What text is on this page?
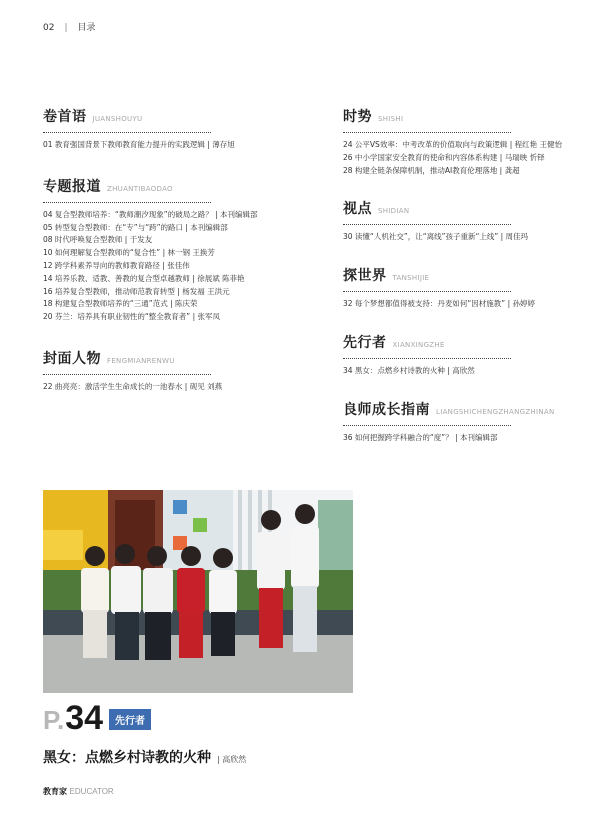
02 | 目录
卷首语 JUANSHOUYU
01 教育强国背景下教师教育能力提升的实践逻辑 | 薄存旭
专题报道 ZHUANTIBAODAO
04 复合型教师培养：“教师潮汐现象”的破局之路？ | 本刊编辑部
05 转型复合型教师：在“专”与“跨”的路口 | 本刊编辑部
08 时代呼唤复合型教师 | 于发友
10 如何理解复合型教师的“复合性” | 林一钢 王换芳
12 跨学科素养导向的教师教育路径 | 张佳伟
14 培养乐教、适教、善教的复合型卓越教师 | 徐展斌 陈菲艳
16 培养复合型教师，推动师范教育转型 | 杨发福 王洪元
18 构建复合型教师培养的“三通”范式 | 陈庆荣
20 芬兰：培养具有职业韧性的“整全教育者” | 张军凤
封面人物 FENGMIANRENWU
22 曲亮亮：激活学生生命成长的一池春水 | 砚见 刘燕
时势 SHISHI
24 公平VS效率：中考改革的价值取向与政策逻辑 | 程红艳 王健怡
26 中小学国家安全教育的使命和内容体系构建 | 马瑞映 忻铎
28 构建全链条保障机制，推动AI教育伦理落地 | 龚超
视点 SHIDIAN
30 读懂“人机社交”，让“离线”孩子重新“上线” | 周佳玛
探世界 TANSHIJIE
32 每个梦想都值得被支持：丹麦如何“因材施教” | 孙婷婷
先行者 XIANXINGZHE
34 黑女：点燃乡村诗教的火种 | 高欣然
良师成长指南 LIANGSHICHENGZHANGZHINAN
36 如何把握跨学科融合的“度”？ | 本刊编辑部
P. 34	先行者
黑女：点燃乡村诗教的火种 | 高欣然
教育家 EDUCATOR
